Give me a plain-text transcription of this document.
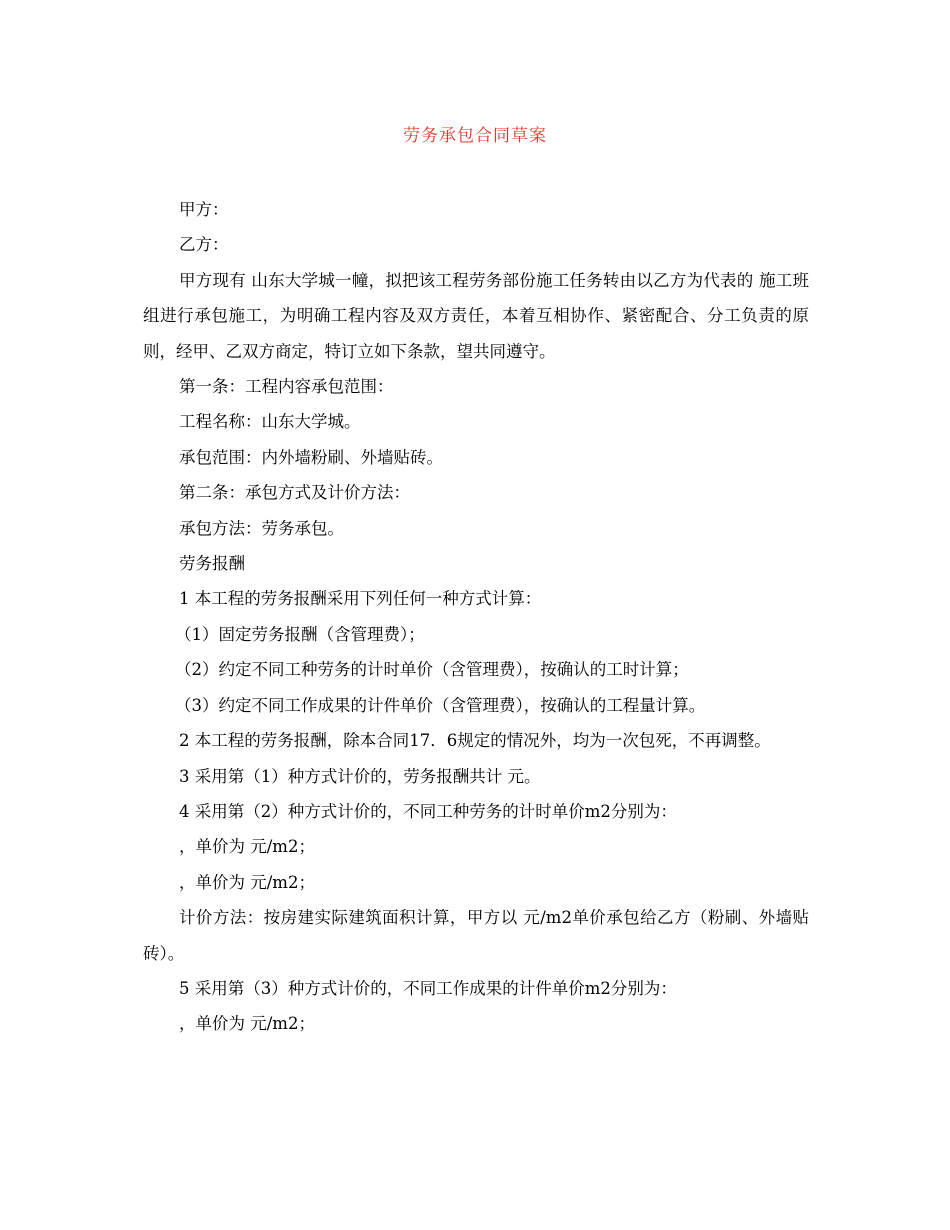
劳务承包合同草案

甲方：

乙方：

甲方现有 山东大学城一幢，拟把该工程劳务部份施工任务转由以乙方为代表的 施工班组进行承包施工，为明确工程内容及双方责任，本着互相协作、紧密配合、分工负责的原则，经甲、乙双方商定，特订立如下条款，望共同遵守。

第一条：工程内容承包范围：

工程名称：山东大学城。

承包范围：内外墙粉刷、外墙贴砖。

第二条：承包方式及计价方法：

承包方法：劳务承包。

劳务报酬

1 本工程的劳务报酬采用下列任何一种方式计算：

（1）固定劳务报酬（含管理费）；

（2）约定不同工种劳务的计时单价（含管理费），按确认的工时计算；

（3）约定不同工作成果的计件单价（含管理费），按确认的工程量计算。

2 本工程的劳务报酬，除本合同17．6规定的情况外，均为一次包死，不再调整。

3 采用第（1）种方式计价的，劳务报酬共计 元。

4 采用第（2）种方式计价的，不同工种劳务的计时单价m2分别为：

，单价为 元/m2；

，单价为 元/m2；

计价方法：按房建实际建筑面积计算，甲方以 元/m2单价承包给乙方（粉刷、外墙贴砖）。

5 采用第（3）种方式计价的，不同工作成果的计件单价m2分别为：

，单价为 元/m2；
